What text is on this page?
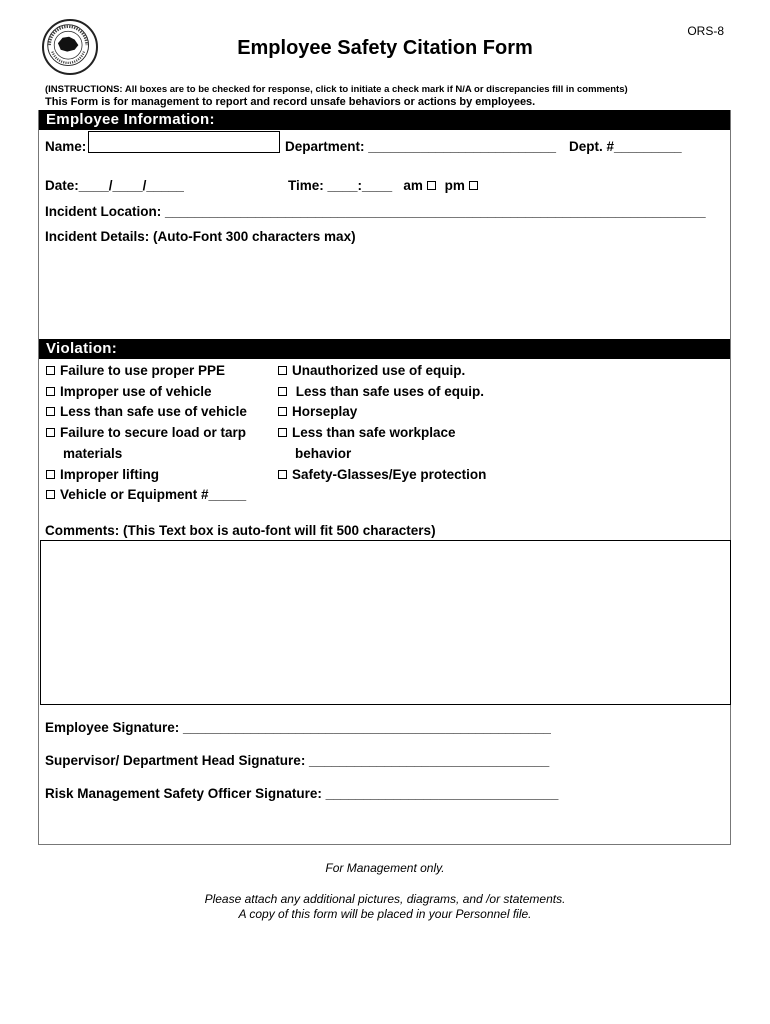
ORS-8
Employee Safety Citation Form
(INSTRUCTIONS: All boxes are to be checked for response, click to initiate a check mark if N/A or discrepancies fill in comments)
This Form is for management to report and record unsafe behaviors or actions by employees.
Employee Information:
Name:	Department: _________________________ Dept. #_________
Date:____/____/_____	Time: ____:____ am pm
Incident Location: ________________________________________________________________________
Incident Details: (Auto-Font 300 characters max)
Violation:
Failure to use proper PPE
Improper use of vehicle
Less than safe use of vehicle
Failure to secure load or tarp
materials
Improper lifting
Vehicle or Equipment #_____
Unauthorized use of equip.
Less than safe uses of equip.
Horseplay
Less than safe workplace
behavior
Safety-Glasses/Eye protection
Comments: (This Text box is auto-font will fit 500 characters)
Employee Signature: _________________________________________________
Supervisor/ Department Head Signature: ________________________________
Risk Management Safety Officer Signature: _______________________________
For Management only.
Please attach any additional pictures, diagrams, and /or statements.
A copy of this form will be placed in your Personnel file.
